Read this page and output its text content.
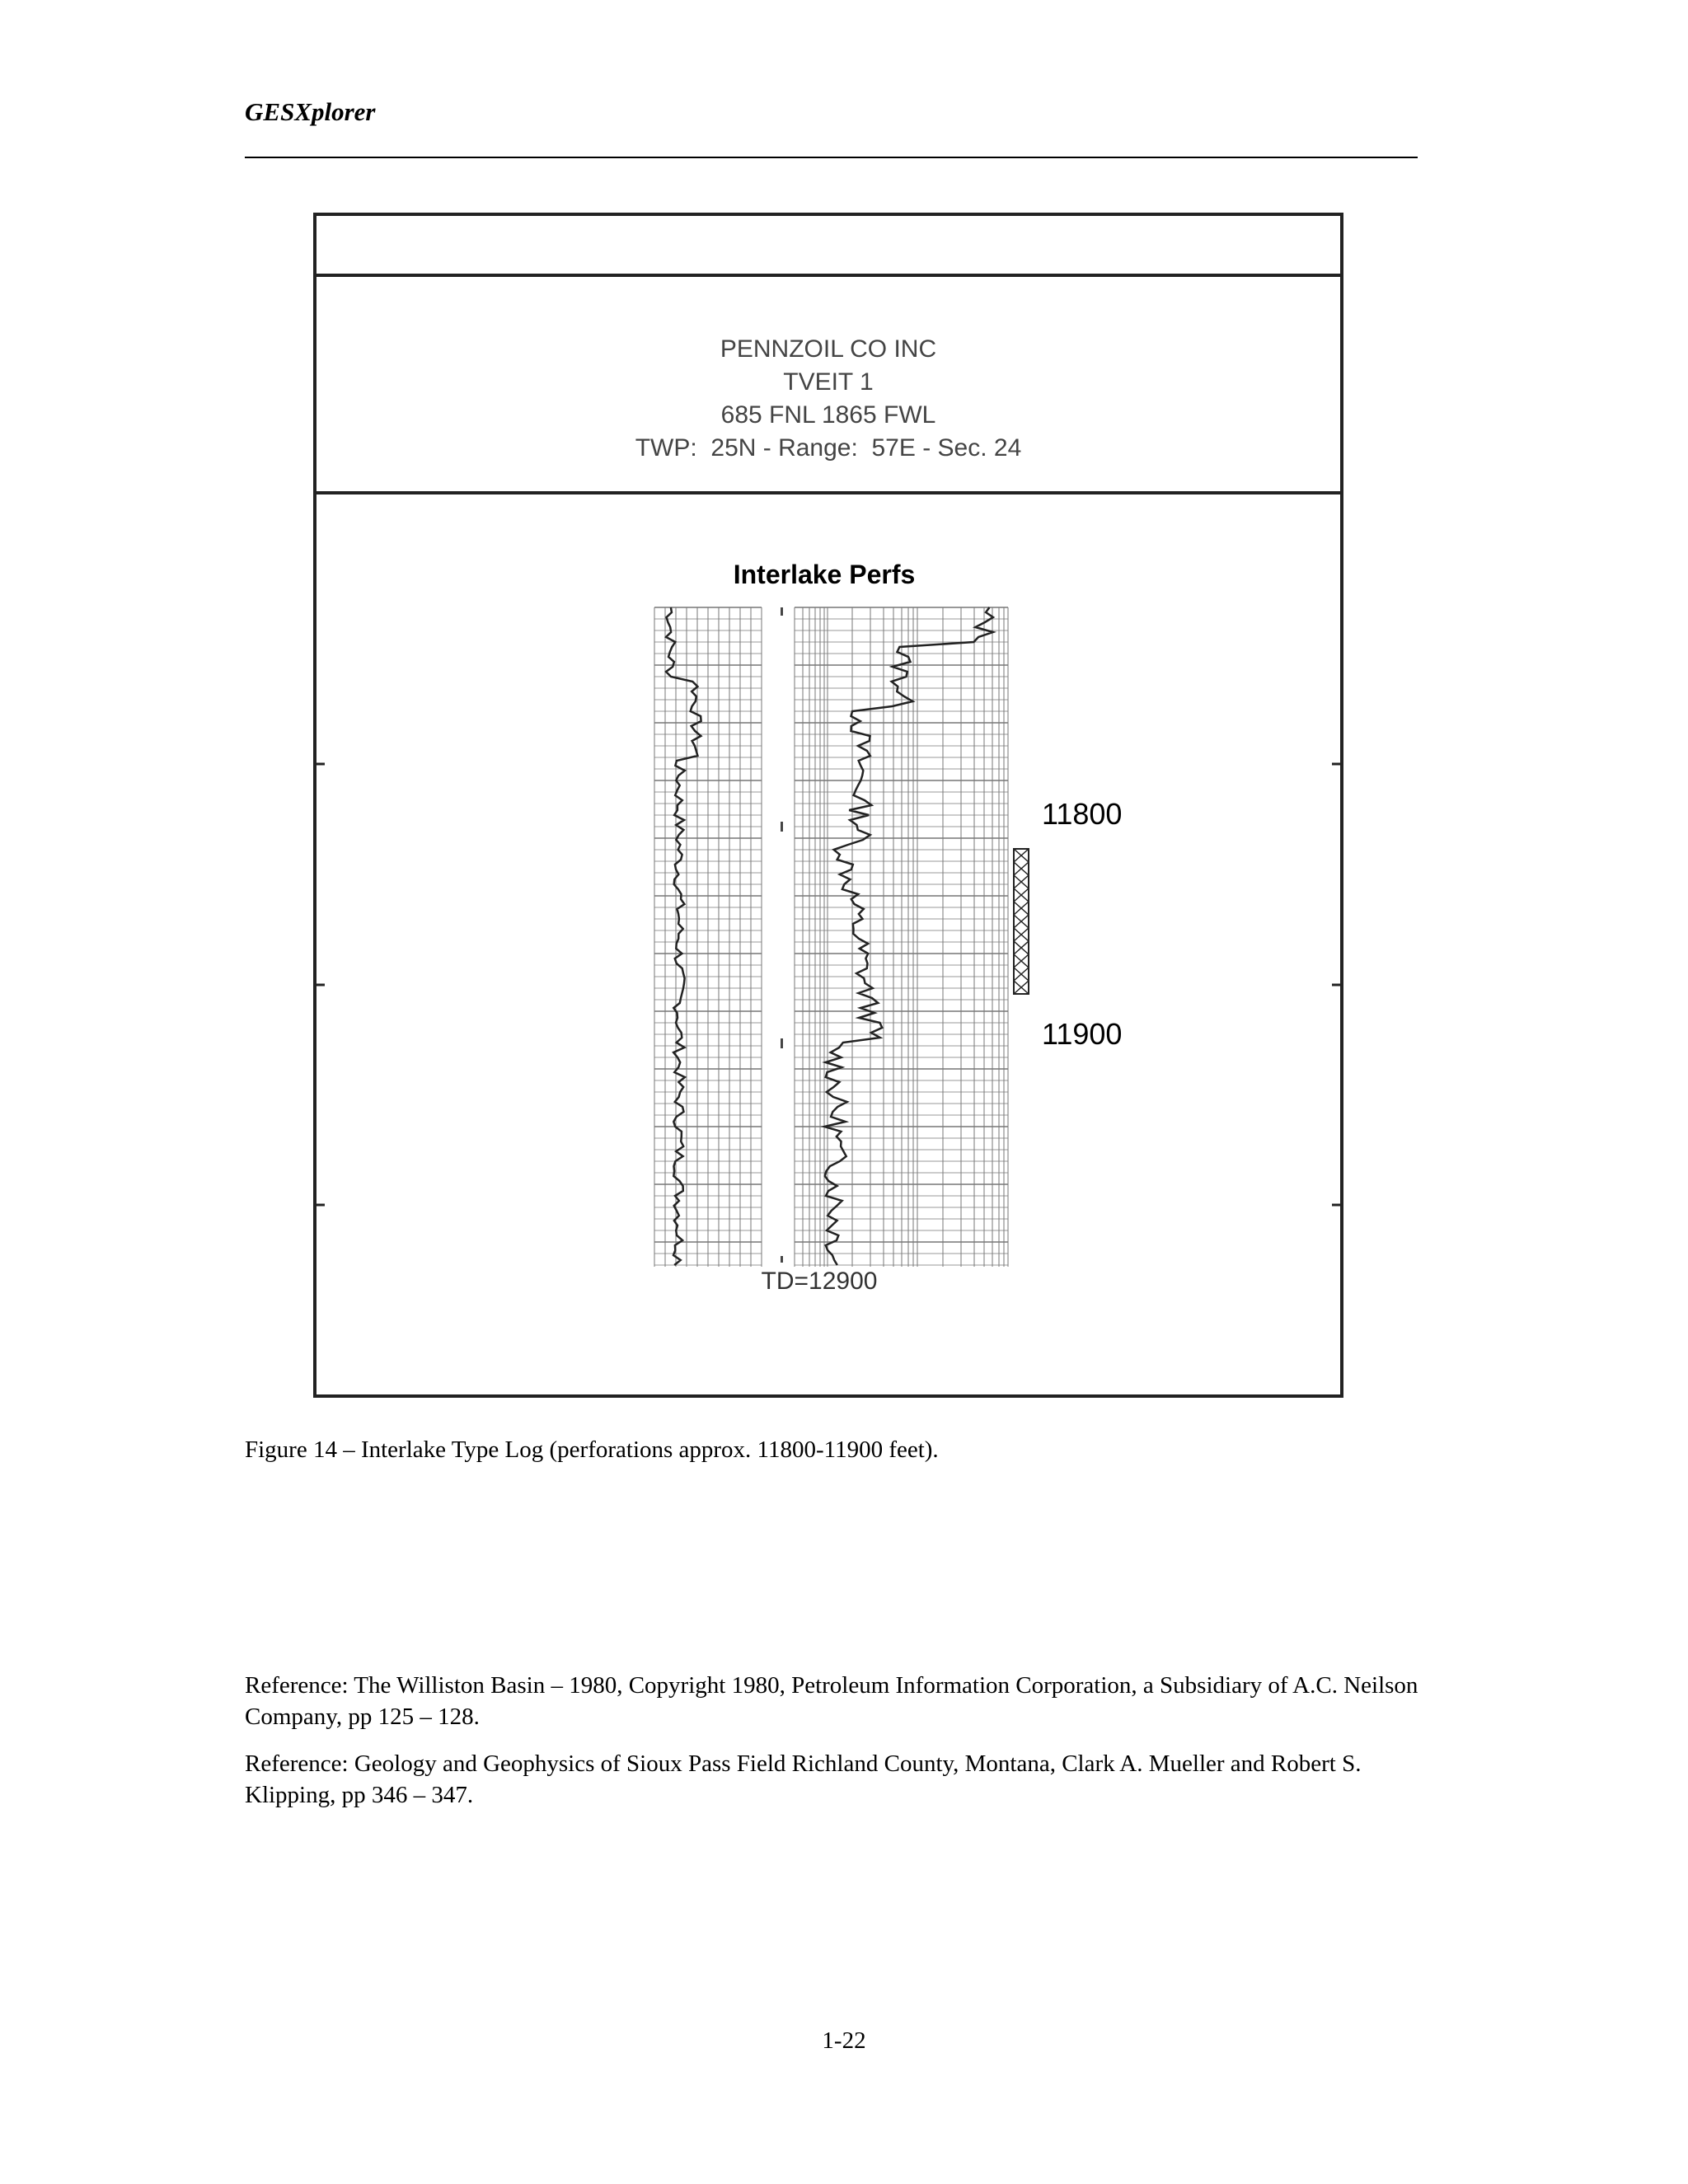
GESXplorer
PENNZOIL CO INC
TVEIT 1
685 FNL 1865 FWL
TWP:  25N - Range:  57E - Sec. 24
Interlake Perfs
11800
11900
TD=12900
Figure 14 – Interlake Type Log (perforations approx. 11800-11900 feet).
Reference: The Williston Basin – 1980, Copyright 1980, Petroleum Information Corporation, a Subsidiary of A.C. Neilson Company, pp 125 – 128.
Reference: Geology and Geophysics of Sioux Pass Field Richland County, Montana, Clark A. Mueller and Robert S. Klipping, pp 346 – 347.
1-22
